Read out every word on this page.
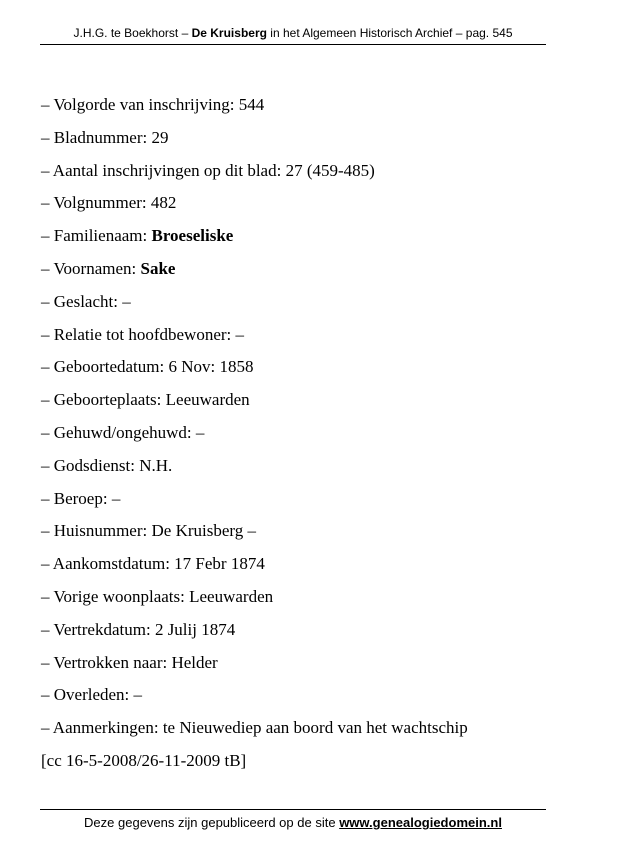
J.H.G. te Boekhorst – De Kruisberg in het Algemeen Historisch Archief – pag. 545
– Volgorde van inschrijving: 544
– Bladnummer: 29
– Aantal inschrijvingen op dit blad: 27 (459-485)
– Volgnummer: 482
– Familienaam: Broeseliske
– Voornamen: Sake
– Geslacht: –
– Relatie tot hoofdbewoner: –
– Geboortedatum: 6 Nov: 1858
– Geboorteplaats: Leeuwarden
– Gehuwd/ongehuwd: –
– Godsdienst: N.H.
– Beroep: –
– Huisnummer: De Kruisberg –
– Aankomstdatum: 17 Febr 1874
– Vorige woonplaats: Leeuwarden
– Vertrekdatum: 2 Julij 1874
– Vertrokken naar: Helder
– Overleden: –
– Aanmerkingen: te Nieuwediep aan boord van het wachtschip
[cc 16-5-2008/26-11-2009 tB]
Deze gegevens zijn gepubliceerd op de site www.genealogiedomein.nl
